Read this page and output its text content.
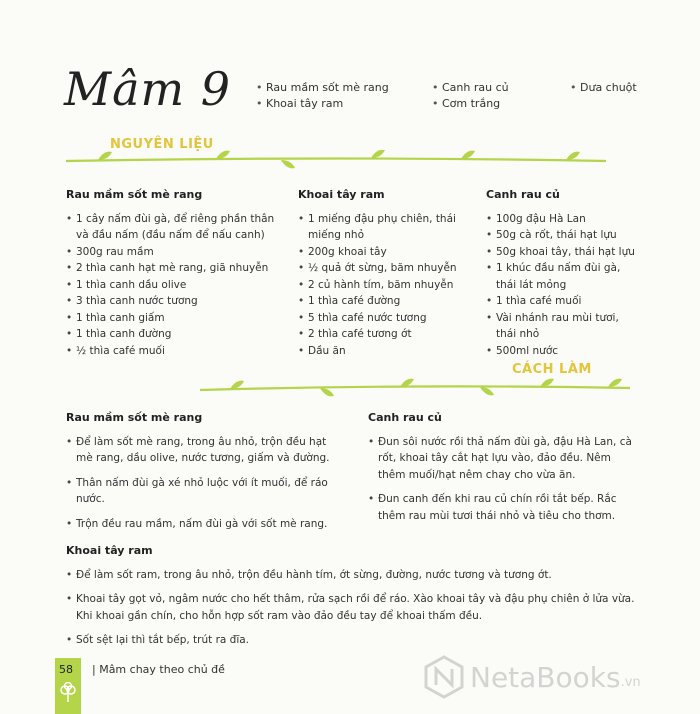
Mâm 9
•	Rau mầm sốt mè rang
• Khoai tây ram
• Canh rau củ
• Cơm trắng
• Dưa chuột
NGUYÊN LIỆU
Rau mầm sốt mè rang
• 1 cây nấm đùi gà, để riêng phần thân và đầu nấm (đầu nấm để nấu canh)
• 300g rau mầm
• 2 thìa canh hạt mè rang, giã nhuyễn
• 1 thìa canh dầu olive
• 3 thìa canh nước tương
• 1 thìa canh giấm
• 1 thìa canh đường
• ½ thìa café muối
Khoai tây ram
• 1 miếng đậu phụ chiên, thái miếng nhỏ
• 200g khoai tây
• ½ quả ớt sừng, băm nhuyễn
• 2 củ hành tím, băm nhuyễn
• 1 thìa café đường
• 5 thìa café nước tương
• 2 thìa café tương ớt
• Dầu ăn
Canh rau củ
• 100g đậu Hà Lan
• 50g cà rốt, thái hạt lựu
• 50g khoai tây, thái hạt lựu
• 1 khúc đầu nấm đùi gà, thái lát mỏng
• 1 thìa café muối
• Vài nhánh rau mùi tươi, thái nhỏ
• 500ml nước
CÁCH LÀM
Rau mầm sốt mè rang
• Để làm sốt mè rang, trong âu nhỏ, trộn đều hạt mè rang, dầu olive, nước tương, giấm và đường.
• Thân nấm đùi gà xé nhỏ luộc với ít muối, để ráo nước.
• Trộn đều rau mầm, nấm đùi gà với sốt mè rang.
Canh rau củ
• Đun sôi nước rồi thả nấm đùi gà, đậu Hà Lan, cà rốt, khoai tây cắt hạt lựu vào, đảo đều. Nêm thêm muối/hạt nêm chay cho vừa ăn.
• Đun canh đến khi rau củ chín rồi tắt bếp. Rắc thêm rau mùi tươi thái nhỏ và tiêu cho thơm.
Khoai tây ram
• Để làm sốt ram, trong âu nhỏ, trộn đều hành tím, ớt sừng, đường, nước tương và tương ớt.
• Khoai tây gọt vỏ, ngâm nước cho hết thâm, rửa sạch rồi để ráo. Xào khoai tây và đậu phụ chiên ở lửa vừa. Khi khoai gần chín, cho hỗn hợp sốt ram vào đảo đều tay để khoai thấm đều.
• Sốt sệt lại thì tắt bếp, trút ra đĩa.
58 | Mâm chay theo chủ đề	NetaBooks .vn
